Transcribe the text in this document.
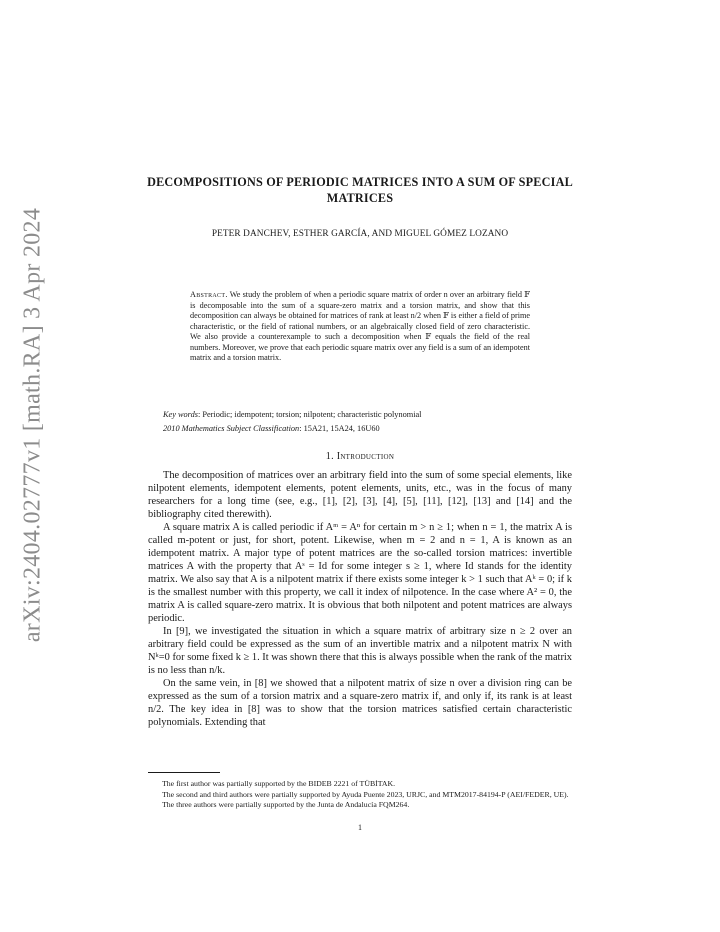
arXiv:2404.02777v1 [math.RA] 3 Apr 2024
DECOMPOSITIONS OF PERIODIC MATRICES INTO A SUM OF SPECIAL MATRICES
PETER DANCHEV, ESTHER GARCÍA, AND MIGUEL GÓMEZ LOZANO
Abstract. We study the problem of when a periodic square matrix of order n over an arbitrary field 𝔽 is decomposable into the sum of a square-zero matrix and a torsion matrix, and show that this decomposition can always be obtained for matrices of rank at least n/2 when 𝔽 is either a field of prime characteristic, or the field of rational numbers, or an algebraically closed field of zero characteristic. We also provide a counterexample to such a decomposition when 𝔽 equals the field of the real numbers. Moreover, we prove that each periodic square matrix over any field is a sum of an idempotent matrix and a torsion matrix.
Key words: Periodic; idempotent; torsion; nilpotent; characteristic polynomial
2010 Mathematics Subject Classification: 15A21, 15A24, 16U60
1. Introduction

The decomposition of matrices over an arbitrary field into the sum of some special elements, like nilpotent elements, idempotent elements, potent elements, units, etc., was in the focus of many researchers for a long time (see, e.g., [1], [2], [3], [4], [5], [11], [12], [13] and [14] and the bibliography cited therewith).

A square matrix A is called periodic if Aᵐ = Aⁿ for certain m > n ≥ 1; when n = 1, the matrix A is called m-potent or just, for short, potent. Likewise, when m = 2 and n = 1, A is known as an idempotent matrix. A major type of potent matrices are the so-called torsion matrices: invertible matrices A with the property that Aˢ = Id for some integer s ≥ 1, where Id stands for the identity matrix. We also say that A is a nilpotent matrix if there exists some integer k > 1 such that Aᵏ = 0; if k is the smallest number with this property, we call it index of nilpotence. In the case where A² = 0, the matrix A is called square-zero matrix. It is obvious that both nilpotent and potent matrices are always periodic.

In [9], we investigated the situation in which a square matrix of arbitrary size n ≥ 2 over an arbitrary field could be expressed as the sum of an invertible matrix and a nilpotent matrix N with Nᵏ=0 for some fixed k ≥ 1. It was shown there that this is always possible when the rank of the matrix is no less than n/k.

On the same vein, in [8] we showed that a nilpotent matrix of size n over a division ring can be expressed as the sum of a torsion matrix and a square-zero matrix if, and only if, its rank is at least n/2. The key idea in [8] was to show that the torsion matrices satisfied certain characteristic polynomials. Extending that

The first author was partially supported by the BIDEB 2221 of TÜBİTAK.

The second and third authors were partially supported by Ayuda Puente 2023, URJC, and MTM2017-84194-P (AEI/FEDER, UE).

The three authors were partially supported by the Junta de Andalucía FQM264.

1
